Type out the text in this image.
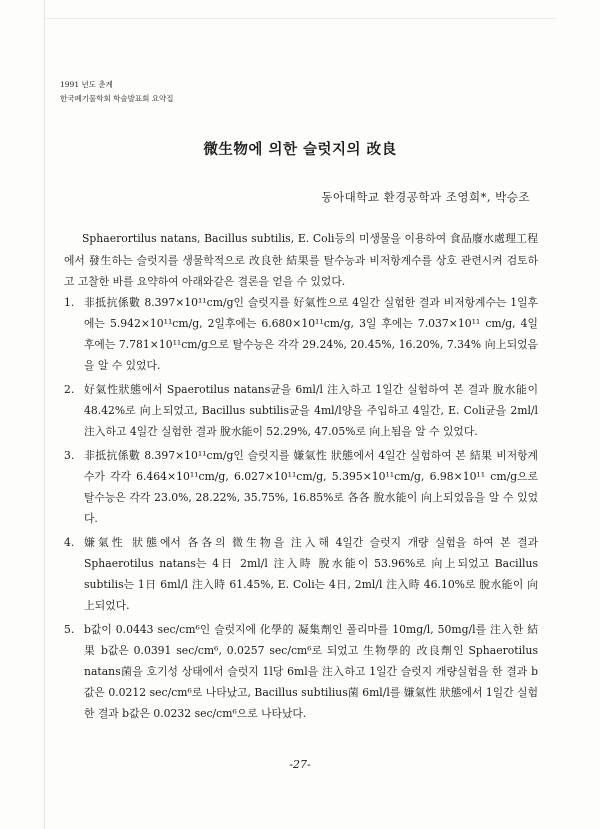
1991 년도 춘계
한국폐기물학회 학술발표회 요약집
微生物에 의한 슬럿지의 改良
동아대학교 환경공학과 조영희*, 박승조

Sphaerortilus natans, Bacillus subtilis, E. Coli등의 미생물을 이용하여 食品廢水處理工程에서 發生하는 슬럿지를 생물학적으로 改良한 結果를 탈수능과 비저항계수를 상호 관련시켜 검토하고 고찰한 바를 요약하여 아래와같은 결론을 얻을 수 있었다.

1. 非抵抗係數 8.397×10¹¹cm/g인 슬럿지를 好氣性으로 4일간 실험한 결과 비저항계수는 1일후에는 5.942×10¹¹cm/g, 2일후에는 6.680×10¹¹cm/g, 3일 후에는 7.037×10¹¹ cm/g, 4일 후에는 7.781×10¹¹cm/g으로 탈수능은 각각 29.24%, 20.45%, 16.20%, 7.34% 向上되었음을 알 수 있었다.
2. 好氣性狀態에서 Spaerotilus natans균을 6ml/l 注入하고 1일간 실험하여 본 결과 脫水能이 48.42%로 向上되었고, Bacillus subtilis균을 4ml/l양을 주입하고 4일간, E. Coli균을 2ml/l 注入하고 4일간 실험한 결과 脫水能이 52.29%, 47.05%로 向上됨을 알 수 있었다.
3. 非抵抗係數 8.397×10¹¹cm/g인 슬럿지를 嫌氣性 狀態에서 4일간 실험하여 본 結果 비저항계수가 각각 6.464×10¹¹cm/g, 6.027×10¹¹cm/g, 5.395×10¹¹cm/g, 6.98×10¹¹ cm/g으로 탈수능은 각각 23.0%, 28.22%, 35.75%, 16.85%로 各各 脫水能이 向上되었음을 알 수 있었다.
4. 嫌氣性 狀態에서 各各의 微生物을 注入해 4일간 슬럿지 개량 실험을 하여 본 결과 Sphaerotilus natans는 4日 2ml/l 注入時 脫水能이 53.96%로 向上되었고 Bacillus subtilis는 1日 6ml/l 注入時 61.45%, E. Coli는 4日, 2ml/l 注入時 46.10%로 脫水能이 向上되었다.
5. b값이 0.0443 sec/cm⁶인 슬럿지에 化學的 凝集劑인 폴리마를 10mg/l, 50mg/l를 注入한 結果 b값은 0.0391 sec/cm⁶, 0.0257 sec/cm⁶로 되었고 生物學的 改良劑인 Sphaerotilus natans菌을 호기성 상태에서 슬럿지 1l당 6ml을 注入하고 1일간 슬럿지 개량실험을 한 결과 b값은 0.0212 sec/cm⁶로 나타났고, Bacillus subtilius菌 6ml/l를 嫌氣性 狀態에서 1일간 실험한 결과 b값은 0.0232 sec/cm⁶으로 나타났다.
-27-
